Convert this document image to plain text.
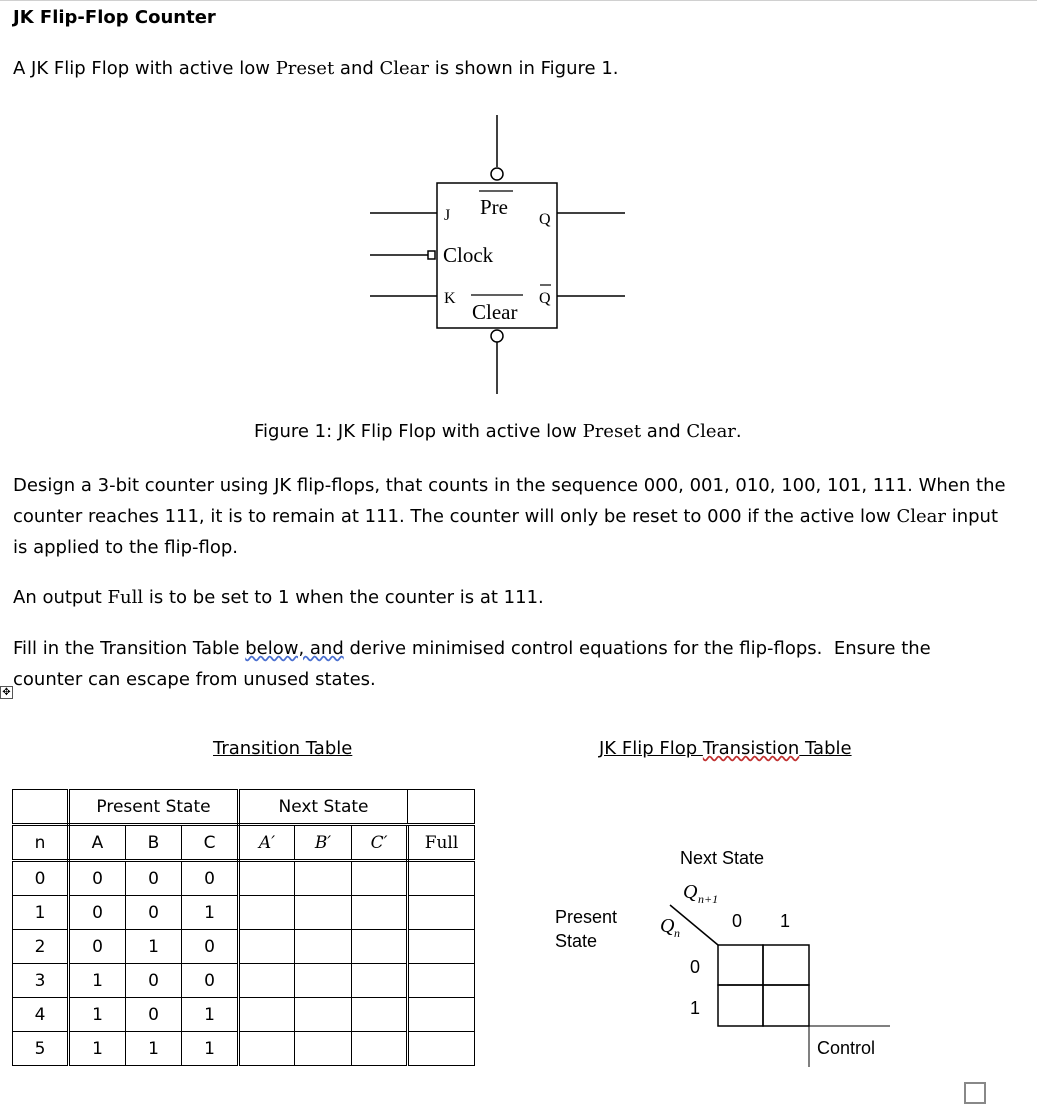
JK Flip-Flop Counter
A JK Flip Flop with active low Preset and Clear is shown in Figure 1.
J Pre
Q
Clock
K	Q
Clear
Figure 1: JK Flip Flop with active low Preset and Clear.
Design a 3-bit counter using JK flip-flops, that counts in the sequence 000, 001, 010, 100, 101, 111. When the
counter reaches 111, it is to remain at 111. The counter will only be reset to 000 if the active low Clear input
is applied to the flip-flop.
An output Full is to be set to 1 when the counter is at 111.
Fill in the Transition Table below, and derive minimised control equations for the flip-flops.  Ensure the
counter can escape from unused states.
✥
Transition Table	JK Flip Flop Transistion Table
	Present State			Next State			
n	A	B	C	A′	B′	C′	Full
0	0	0	0				
1	0	0	1				
2	0	1	0				
3	1	0	0				
4	1	0	1				
5	1	1	1				
Next State
Present
State
Q n+1
Q n
0 1
0
1
Control
